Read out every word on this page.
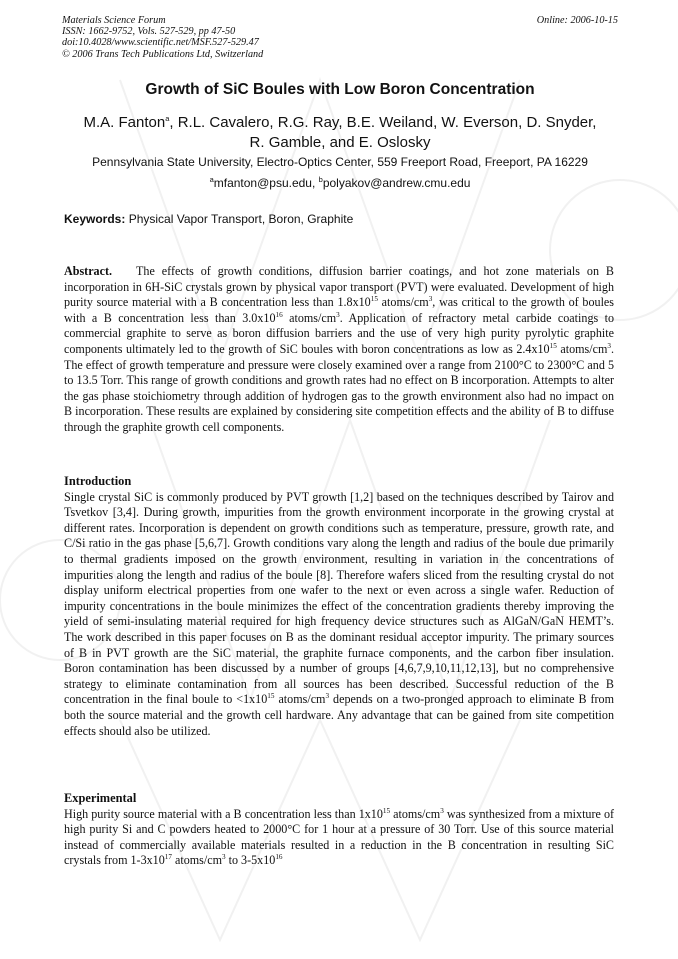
Materials Science Forum
ISSN: 1662-9752, Vols. 527-529, pp 47-50
doi:10.4028/www.scientific.net/MSF.527-529.47
© 2006 Trans Tech Publications Ltd, Switzerland
Online: 2006-10-15
Growth of SiC Boules with Low Boron Concentration
M.A. Fanton$^a$, R.L. Cavalero, R.G. Ray, B.E. Weiland, W. Everson, D. Snyder, R. Gamble, and E. Oslosky
Pennsylvania State University, Electro-Optics Center, 559 Freeport Road, Freeport, PA 16229
$^a$mfanton@psu.edu, $^b$polyakov@andrew.cmu.edu
Keywords: Physical Vapor Transport, Boron, Graphite
Abstract. The effects of growth conditions, diffusion barrier coatings, and hot zone materials on B incorporation in 6H-SiC crystals grown by physical vapor transport (PVT) were evaluated. Development of high purity source material with a B concentration less than $1.8x10^{15}$ atoms/$cm^3$, was critical to the growth of boules with a B concentration less than $3.0x10^{16}$ atoms/$cm^3$. Application of refractory metal carbide coatings to commercial graphite to serve as boron diffusion barriers and the use of very high purity pyrolytic graphite components ultimately led to the growth of SiC boules with boron concentrations as low as $2.4x10^{15}$ atoms/$cm^3$. The effect of growth temperature and pressure were closely examined over a range from 2100°C to 2300°C and 5 to 13.5 Torr. This range of growth conditions and growth rates had no effect on B incorporation. Attempts to alter the gas phase stoichiometry through addition of hydrogen gas to the growth environment also had no impact on B incorporation. These results are explained by considering site competition effects and the ability of B to diffuse through the graphite growth cell components.
Introduction

Single crystal SiC is commonly produced by PVT growth [1,2] based on the techniques described by Tairov and Tsvetkov [3,4]. During growth, impurities from the growth environment incorporate in the growing crystal at different rates. Incorporation is dependent on growth conditions such as temperature, pressure, growth rate, and C/Si ratio in the gas phase [5,6,7]. Growth conditions vary along the length and radius of the boule due primarily to thermal gradients imposed on the growth environment, resulting in variation in the concentrations of impurities along the length and radius of the boule [8]. Therefore wafers sliced from the resulting crystal do not display uniform electrical properties from one wafer to the next or even across a single wafer. Reduction of impurity concentrations in the boule minimizes the effect of the concentration gradients thereby improving the yield of semi-insulating material required for high frequency device structures such as AlGaN/GaN HEMT’s. The work described in this paper focuses on B as the dominant residual acceptor impurity. The primary sources of B in PVT growth are the SiC material, the graphite furnace components, and the carbon fiber insulation. Boron contamination has been discussed by a number of groups [4,6,7,9,10,11,12,13], but no comprehensive strategy to eliminate contamination from all sources has been described. Successful reduction of the B concentration in the final boule to $<1x10^{15}$ atoms/$cm^3$ depends on a two-pronged approach to eliminate B from both the source material and the growth cell hardware. Any advantage that can be gained from site competition effects should also be utilized.

Experimental

High purity source material with a B concentration less than $1x10^{15}$ atoms/$cm^3$ was synthesized from a mixture of high purity Si and C powders heated to 2000°C for 1 hour at a pressure of 30 Torr. Use of this source material instead of commercially available materials resulted in a reduction in the B concentration in resulting SiC crystals from $1-3x10^{17}$ atoms/$cm^3$ to $3-5x10^{16}$
